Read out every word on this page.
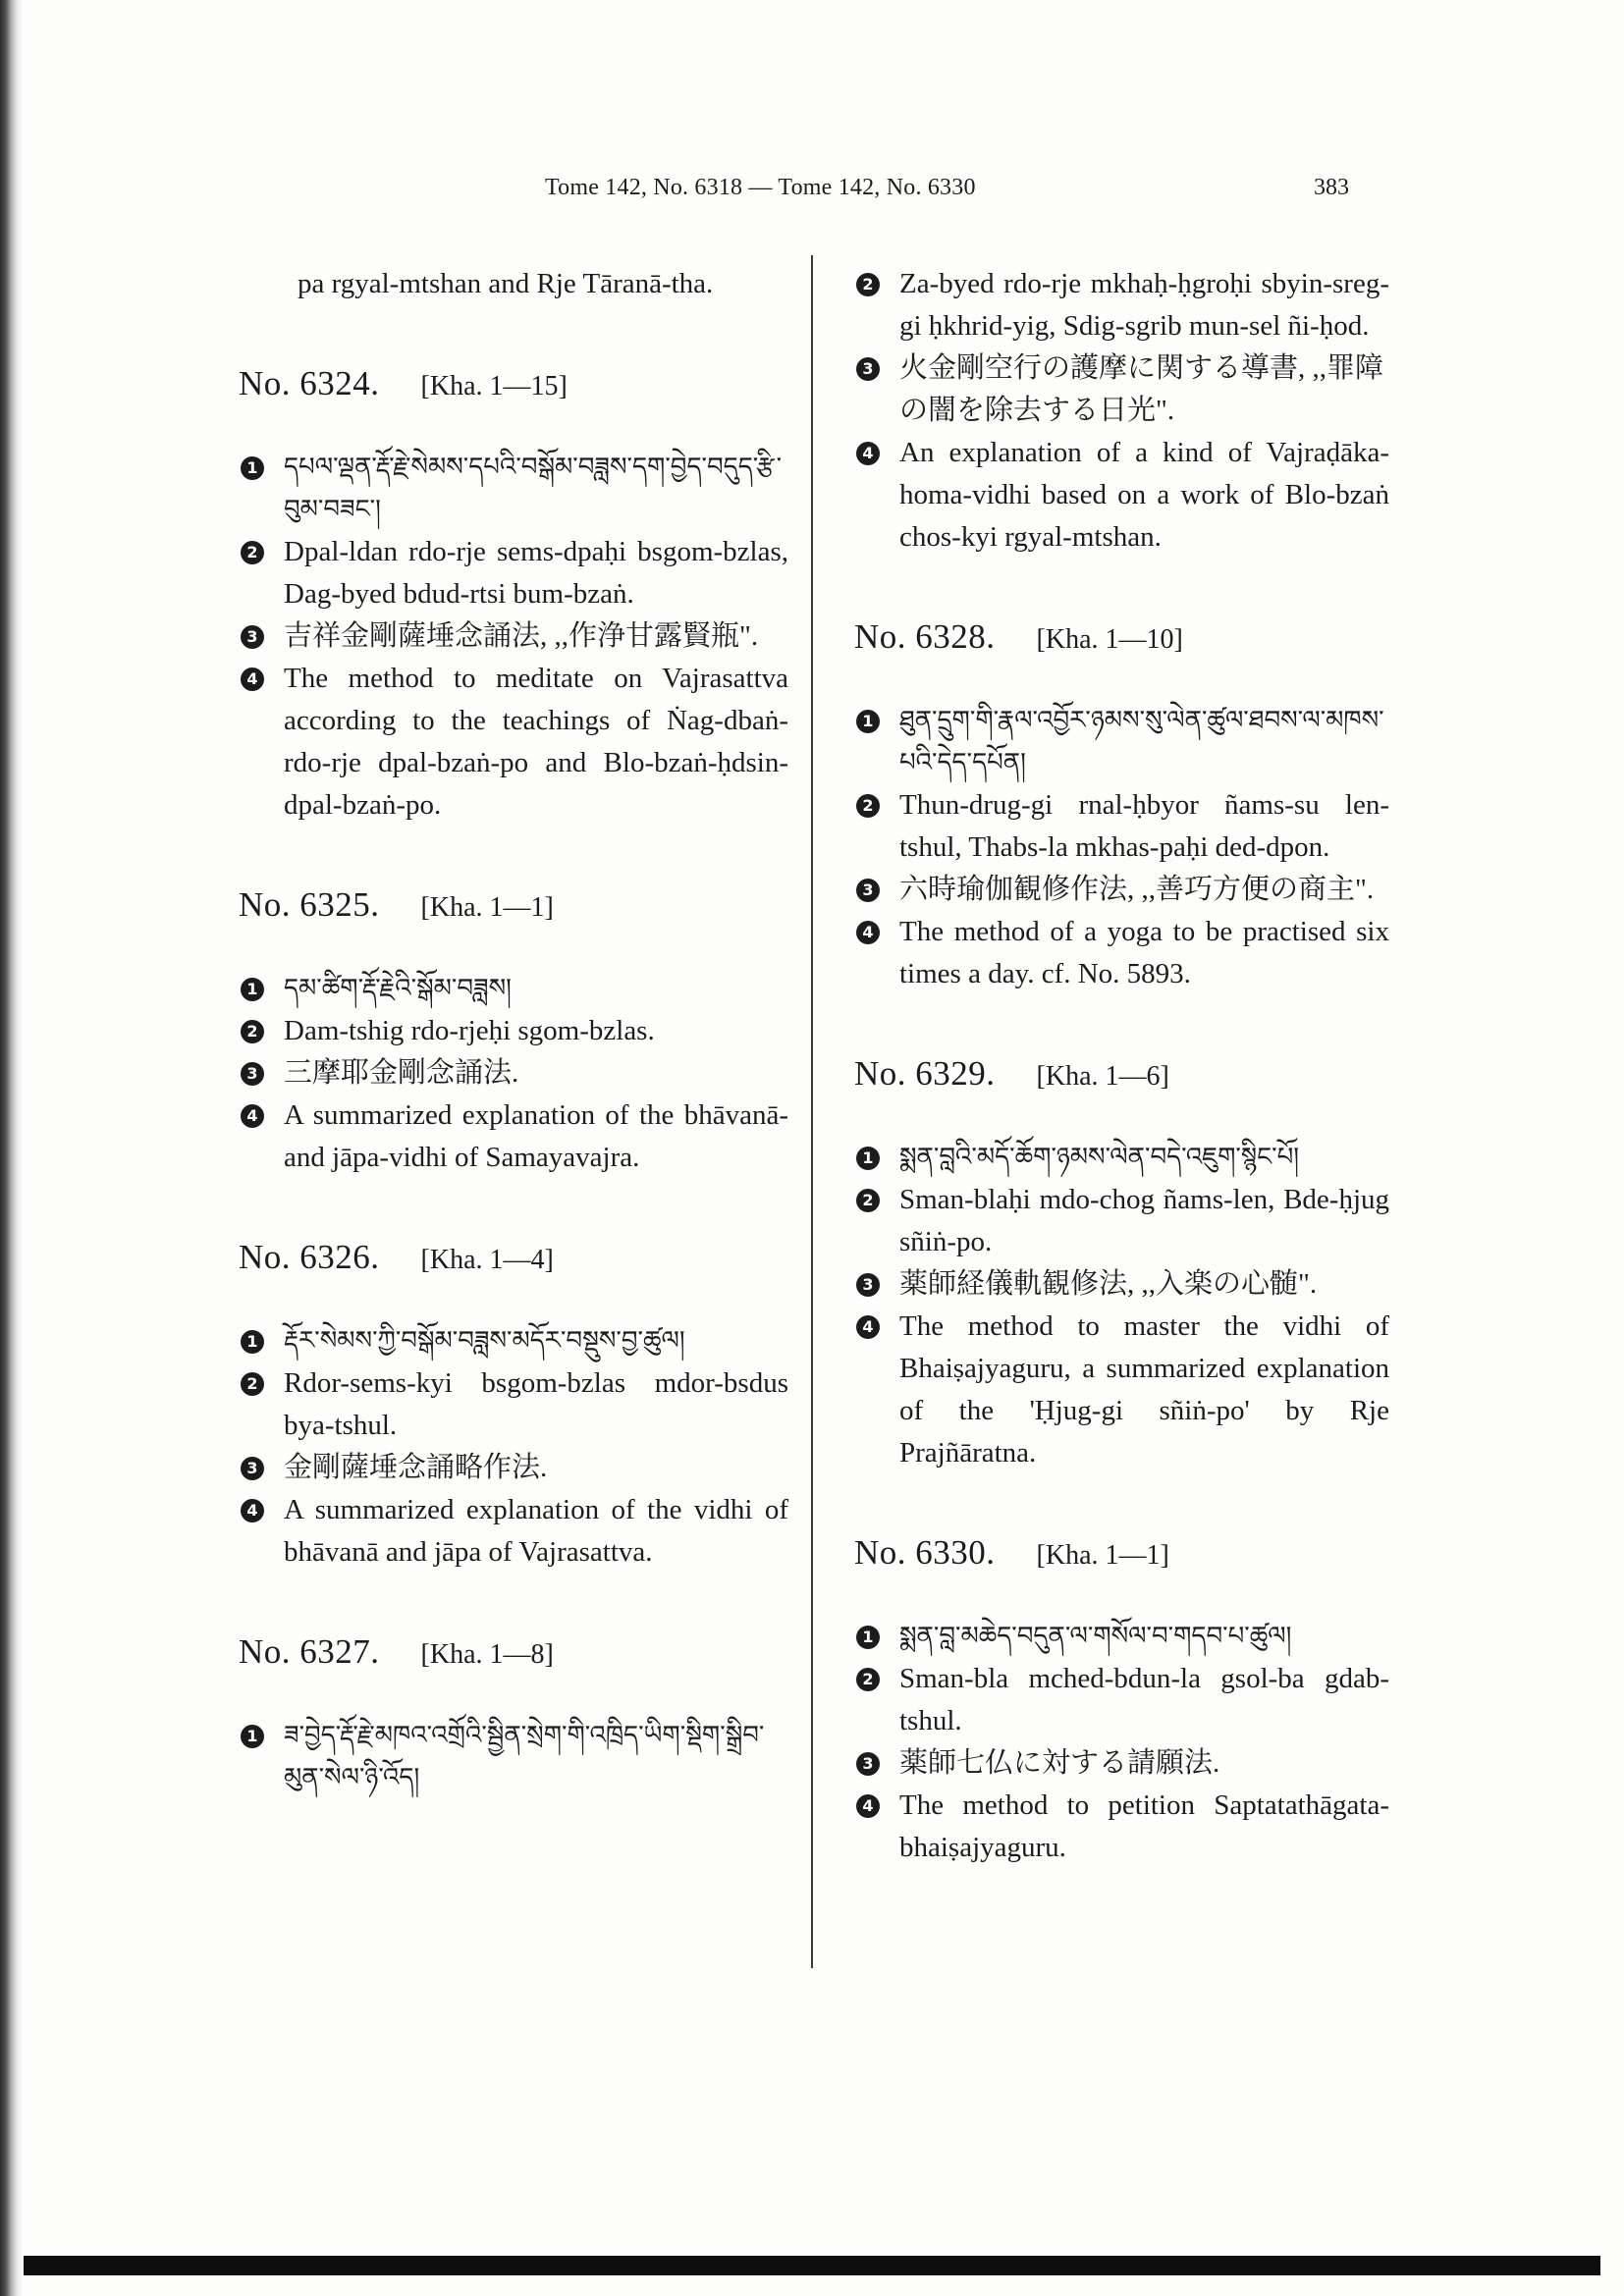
Tome 142, No. 6318 — Tome 142, No. 6330	383
pa rgyal-mtshan and Rje Tāranā-tha.
No. 6324. [Kha. 1—15]
1 དཔལ་ལྡན་རྡོ་རྗེ་སེམས་དཔའི་བསྒོམ་བཟླས་དག་བྱེད་བདུད་རྩི་བུམ་བཟང་།
2 Dpal-ldan rdo-rje sems-dpaḥi bsgom-bzlas, Dag-byed bdud-rtsi bum-bzaṅ.
3 吉祥金剛薩埵念誦法, ,,作浄甘露賢瓶".
4 The method to meditate on Vajrasattva according to the teachings of Ṅag-dbaṅ-rdo-rje dpal-bzaṅ-po and Blo-bzaṅ-ḥdsin-dpal-bzaṅ-po.
No. 6325. [Kha. 1—1]
1 དམ་ཚིག་རྡོ་རྗེའི་སྒོམ་བཟླས།
2 Dam-tshig rdo-rjeḥi sgom-bzlas.
3 三摩耶金剛念誦法.
4 A summarized explanation of the bhāvanā- and jāpa-vidhi of Samayavajra.
No. 6326. [Kha. 1—4]
1 རྡོར་སེམས་ཀྱི་བསྒོམ་བཟླས་མདོར་བསྡུས་བྱ་ཚུལ།
2 Rdor-sems-kyi bsgom-bzlas mdor-bsdus bya-tshul.
3 金剛薩埵念誦略作法.
4 A summarized explanation of the vidhi of bhāvanā and jāpa of Vajrasattva.
No. 6327. [Kha. 1—8]
1 ཟ་བྱེད་རྡོ་རྗེ་མཁའ་འགྲོའི་སྦྱིན་སྲེག་གི་འཁྲིད་ཡིག་སྡིག་སྒྲིབ་མུན་སེལ་ཉི་འོད།
2 Za-byed rdo-rje mkhaḥ-ḥgroḥi sbyin-sreg-gi ḥkhrid-yig, Sdig-sgrib mun-sel ñi-ḥod.
3 火金剛空行の護摩に関する導書, ,,罪障の闇を除去する日光".
4 An explanation of a kind of Vajraḍāka-homa-vidhi based on a work of Blo-bzaṅ chos-kyi rgyal-mtshan.
No. 6328. [Kha. 1—10]
1 ཐུན་དྲུག་གི་རྣལ་འབྱོར་ཉམས་སུ་ལེན་ཚུལ་ཐབས་ལ་མཁས་པའི་དེད་དཔོན།
2 Thun-drug-gi rnal-ḥbyor ñams-su len-tshul, Thabs-la mkhas-paḥi ded-dpon.
3 六時瑜伽観修作法, ,,善巧方便の商主".
4 The method of a yoga to be practised six times a day. cf. No. 5893.
No. 6329. [Kha. 1—6]
1 སྨན་བླའི་མདོ་ཆོག་ཉམས་ལེན་བདེ་འཇུག་སྙིང་པོ།
2 Sman-blaḥi mdo-chog ñams-len, Bde-ḥjug sñiṅ-po.
3 薬師経儀軌観修法, ,,入楽の心髄".
4 The method to master the vidhi of Bhaiṣajyaguru, a summarized explanation of the 'Ḥjug-gi sñiṅ-po' by Rje Prajñāratna.
No. 6330. [Kha. 1—1]
1 སྨན་བླ་མཆེད་བདུན་ལ་གསོལ་བ་གདབ་པ་ཚུལ།
2 Sman-bla mched-bdun-la gsol-ba gdab-tshul.
3 薬師七仏に対する請願法.
4 The method to petition Saptatathāgata-bhaiṣajyaguru.
